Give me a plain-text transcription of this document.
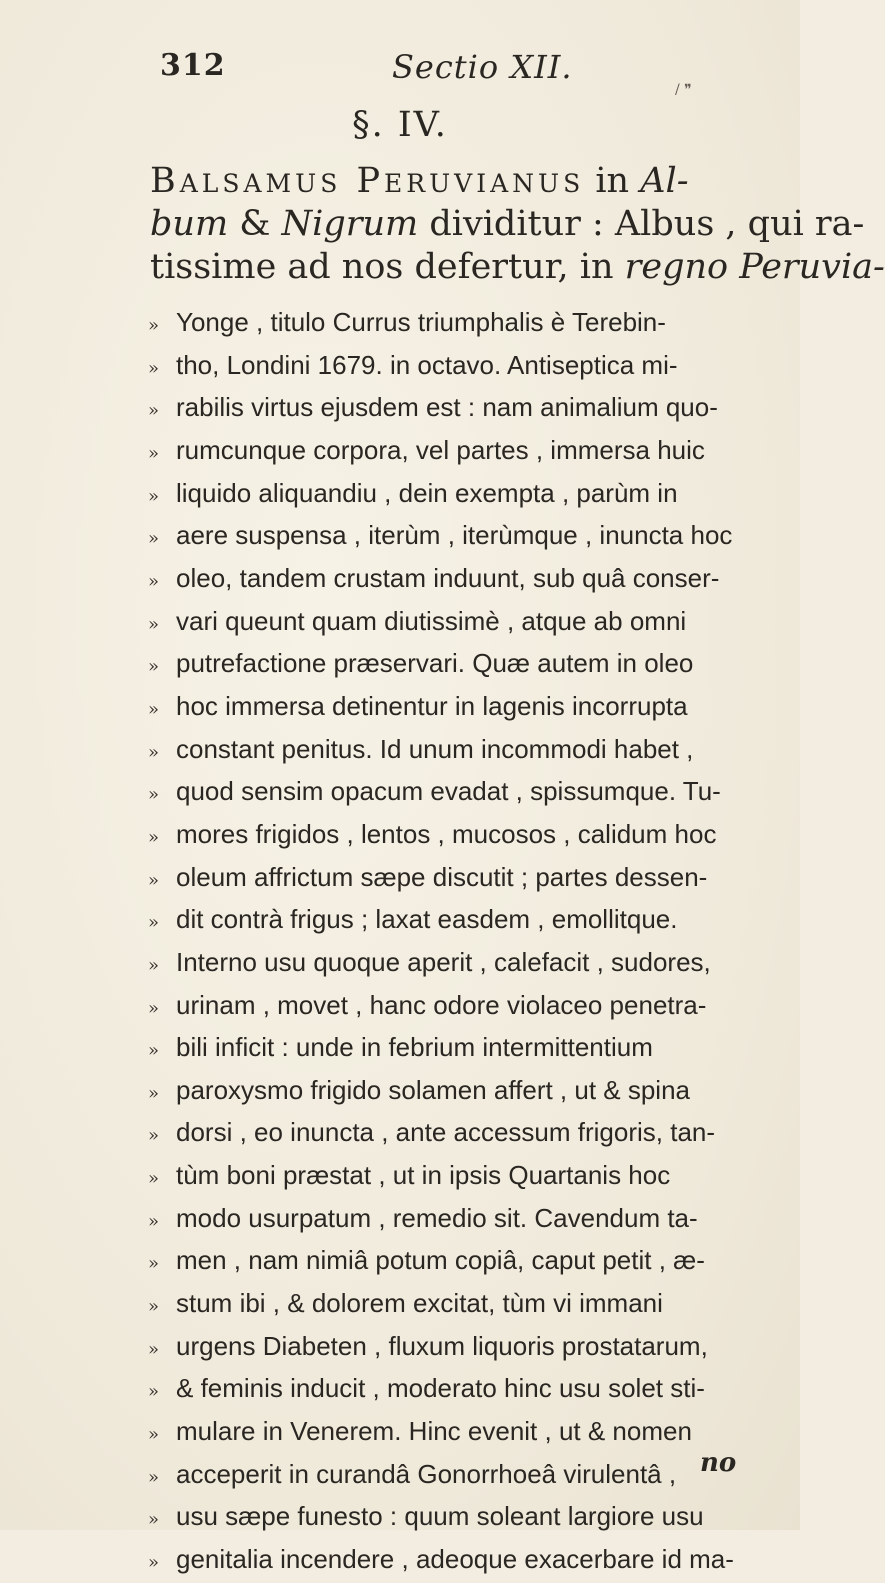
312	Sectio XII.
/ ❞
§. IV.
Balsamus Peruvianus in Al-
bum & Nigrum dividitur : Albus , qui ra-
tissime ad nos defertur, in regno Peruvia-
» Yonge , titulo Currus triumphalis è Terebin-
» tho, Londini 1679. in octavo. Antiseptica mi-
» rabilis virtus ejusdem est : nam animalium quo-
» rumcunque corpora, vel partes , immersa huic
» liquido aliquandiu , dein exempta , parùm in
» aere suspensa , iterùm , iterùmque , inuncta hoc
» oleo, tandem crustam induunt, sub quâ conser-
» vari queunt quam diutissimè , atque ab omni
» putrefactione præservari. Quæ autem in oleo
» hoc immersa detinentur in lagenis incorrupta
» constant penitus. Id unum incommodi habet ,
» quod sensim opacum evadat , spissumque. Tu-
» mores frigidos , lentos , mucosos , calidum hoc
» oleum affrictum sæpe discutit ; partes dessen-
» dit contrà frigus ; laxat easdem , emollitque.
» Interno usu quoque aperit , calefacit , sudores,
» urinam , movet , hanc odore violaceo penetra-
» bili inficit : unde in febrium intermittentium
» paroxysmo frigido solamen affert , ut & spina
» dorsi , eo inuncta , ante accessum frigoris, tan-
» tùm boni præstat , ut in ipsis Quartanis hoc
» modo usurpatum , remedio sit. Cavendum ta-
» men , nam nimiâ potum copiâ, caput petit , æ-
» stum ibi , & dolorem excitat, tùm vi immani
» urgens Diabeten , fluxum liquoris prostatarum,
» & feminis inducit , moderato hinc usu solet sti-
» mulare in Venerem. Hinc evenit , ut & nomen
» acceperit in curandâ Gonorrhoeâ virulentâ ,
» usu sæpe funesto : quum soleant largiore usu
» genitalia incendere , adeoque exacerbare id ma-
no
